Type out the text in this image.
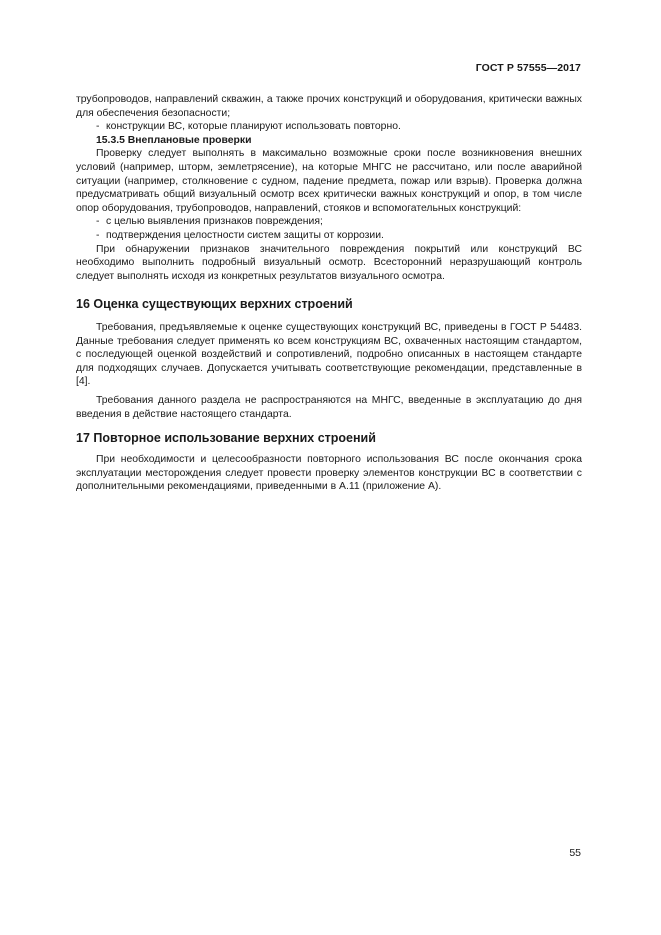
ГОСТ Р 57555—2017

трубопроводов, направлений скважин, а также прочих конструкций и оборудования, критически важных для обеспечения безопасности;

- конструкции ВС, которые планируют использовать повторно.

15.3.5 Внеплановые проверки

Проверку следует выполнять в максимально возможные сроки после возникновения внешних условий (например, шторм, землетрясение), на которые МНГС не рассчитано, или после аварийной ситуации (например, столкновение с судном, падение предмета, пожар или взрыв). Проверка должна предусматривать общий визуальный осмотр всех критически важных конструкций и опор, в том числе опор оборудования, трубопроводов, направлений, стояков и вспомогательных конструкций:

- с целью выявления признаков повреждения;

- подтверждения целостности систем защиты от коррозии.

При обнаружении признаков значительного повреждения покрытий или конструкций ВС необходимо выполнить подробный визуальный осмотр. Всесторонний неразрушающий контроль следует выполнять исходя из конкретных результатов визуального осмотра.

16 Оценка существующих верхних строений

Требования, предъявляемые к оценке существующих конструкций ВС, приведены в ГОСТ Р 54483. Данные требования следует применять ко всем конструкциям ВС, охваченных настоящим стандартом, с последующей оценкой воздействий и сопротивлений, подробно описанных в настоящем стандарте для подходящих случаев. Допускается учитывать соответствующие рекомендации, представленные в [4].

Требования данного раздела не распространяются на МНГС, введенные в эксплуатацию до дня введения в действие настоящего стандарта.

17 Повторное использование верхних строений

При необходимости и целесообразности повторного использования ВС после окончания срока эксплуатации месторождения следует провести проверку элементов конструкции ВС в соответствии с дополнительными рекомендациями, приведенными в А.11 (приложение А).

55
